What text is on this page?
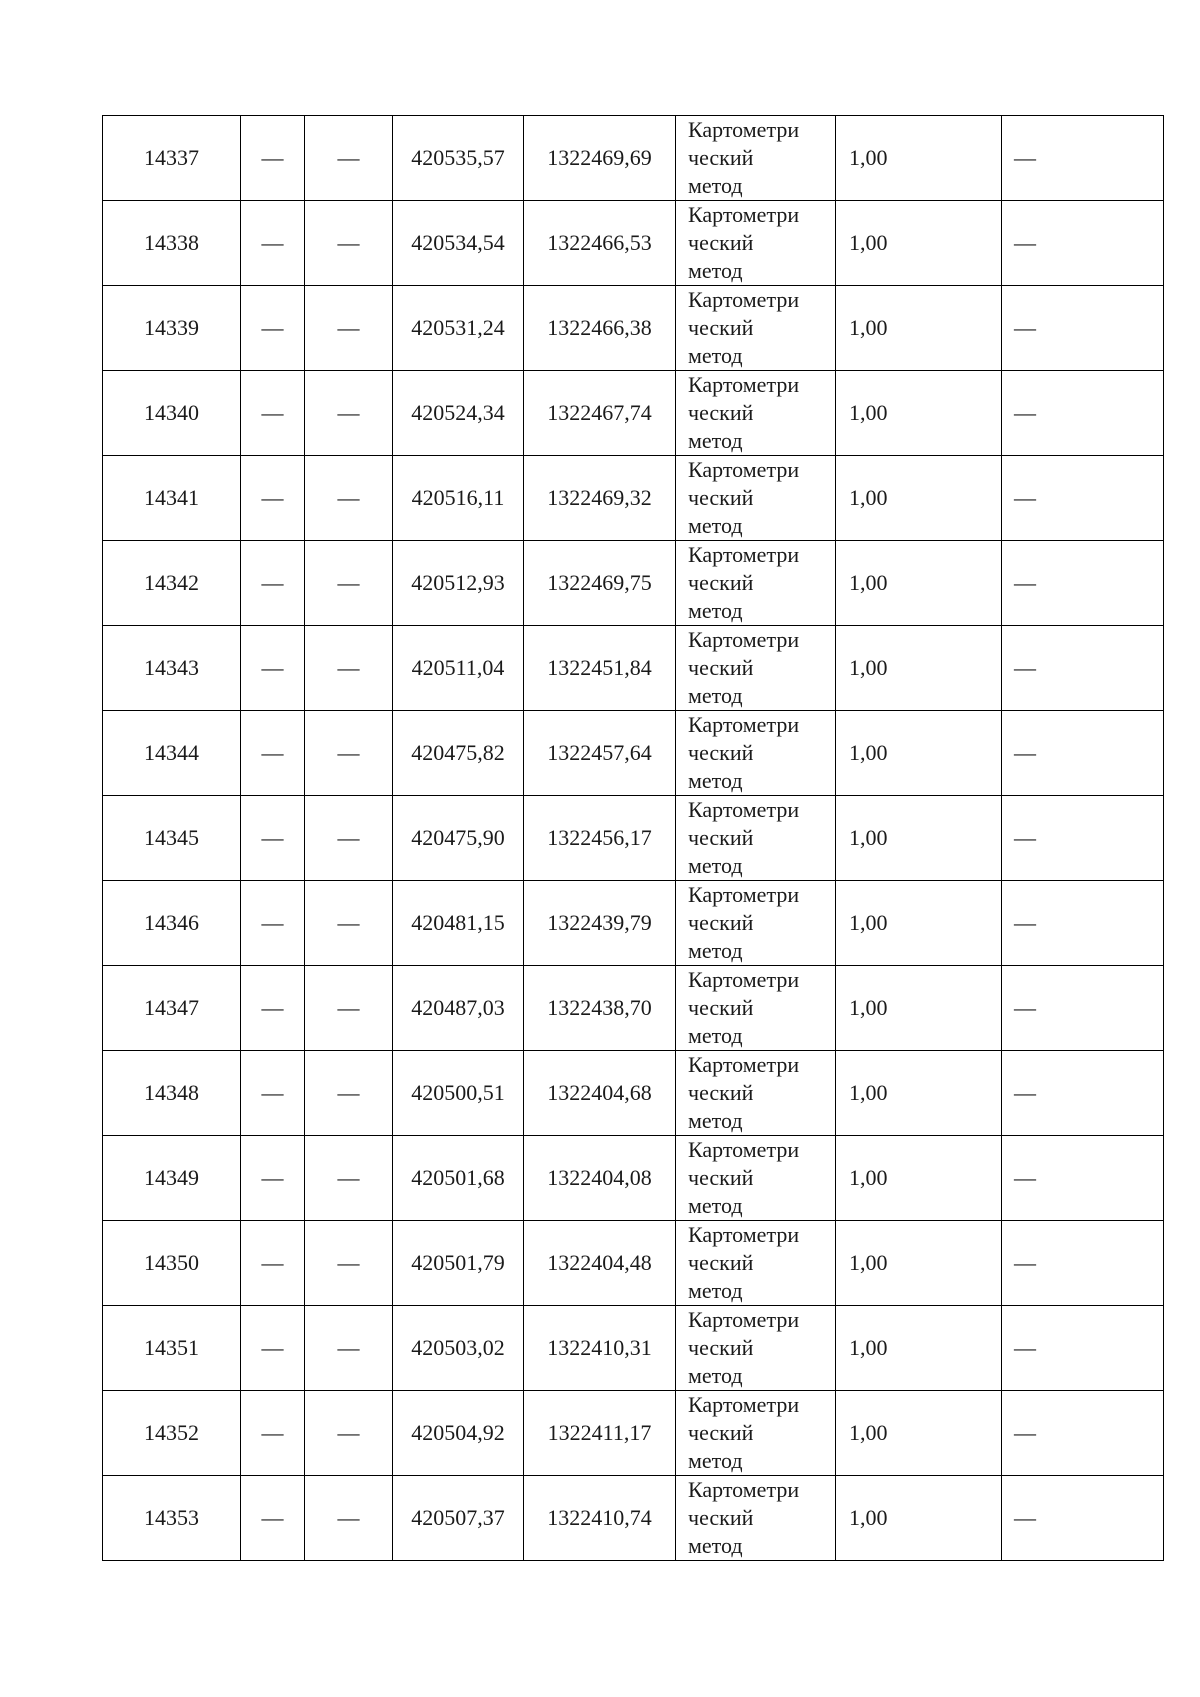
14337	—	—	420535,57	1322469,69	Картометри
ческий
метод	1,00	—
14338	—	—	420534,54	1322466,53	Картометри
ческий
метод	1,00	—
14339	—	—	420531,24	1322466,38	Картометри
ческий
метод	1,00	—
14340	—	—	420524,34	1322467,74	Картометри
ческий
метод	1,00	—
14341	—	—	420516,11	1322469,32	Картометри
ческий
метод	1,00	—
14342	—	—	420512,93	1322469,75	Картометри
ческий
метод	1,00	—
14343	—	—	420511,04	1322451,84	Картометри
ческий
метод	1,00	—
14344	—	—	420475,82	1322457,64	Картометри
ческий
метод	1,00	—
14345	—	—	420475,90	1322456,17	Картометри
ческий
метод	1,00	—
14346	—	—	420481,15	1322439,79	Картометри
ческий
метод	1,00	—
14347	—	—	420487,03	1322438,70	Картометри
ческий
метод	1,00	—
14348	—	—	420500,51	1322404,68	Картометри
ческий
метод	1,00	—
14349	—	—	420501,68	1322404,08	Картометри
ческий
метод	1,00	—
14350	—	—	420501,79	1322404,48	Картометри
ческий
метод	1,00	—
14351	—	—	420503,02	1322410,31	Картометри
ческий
метод	1,00	—
14352	—	—	420504,92	1322411,17	Картометри
ческий
метод	1,00	—
14353	—	—	420507,37	1322410,74	Картометри
ческий
метод	1,00	—
